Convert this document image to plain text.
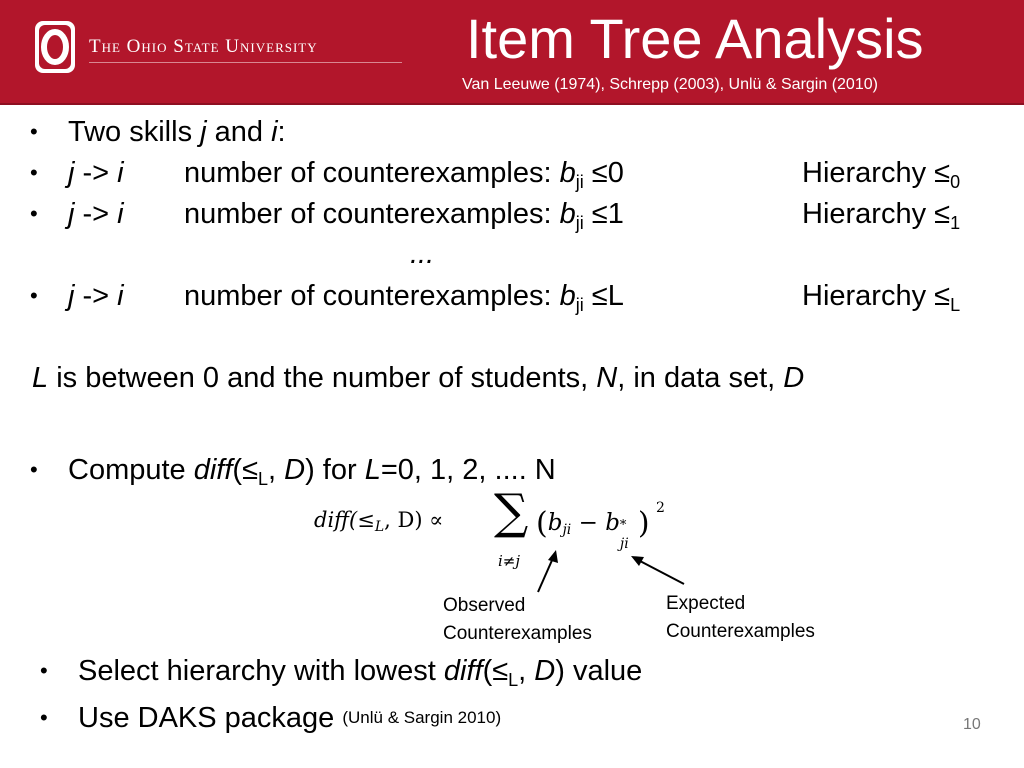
The Ohio State University	Item Tree Analysis
Van Leeuwe (1974), Schrepp (2003), Unlü & Sargin (2010)
• Two skills j and i:
• j -> i number of counterexamples: $b_{ji} \le 0$	Hierarchy $\le_0$
• j -> i number of counterexamples: $b_{ji} \le 1$	Hierarchy $\le_1$
...
• j -> i number of counterexamples: $b_{ji} \le L$	Hierarchy $\le_L$
L is between 0 and the number of students, N, in data set, D
• Compute $diff(\le_L$, D) for L=0, 1, 2, .... N
$diff(\le_L$, D) ∝ ∑
i≠j
($b_{ji} - b$ *
ji
) 2
Observed
Counterexamples
Expected
Counterexamples
• Select hierarchy with lowest $diff(\le_L$, D) value
• Use DAKS package (Unlü & Sargin 2010)	10
